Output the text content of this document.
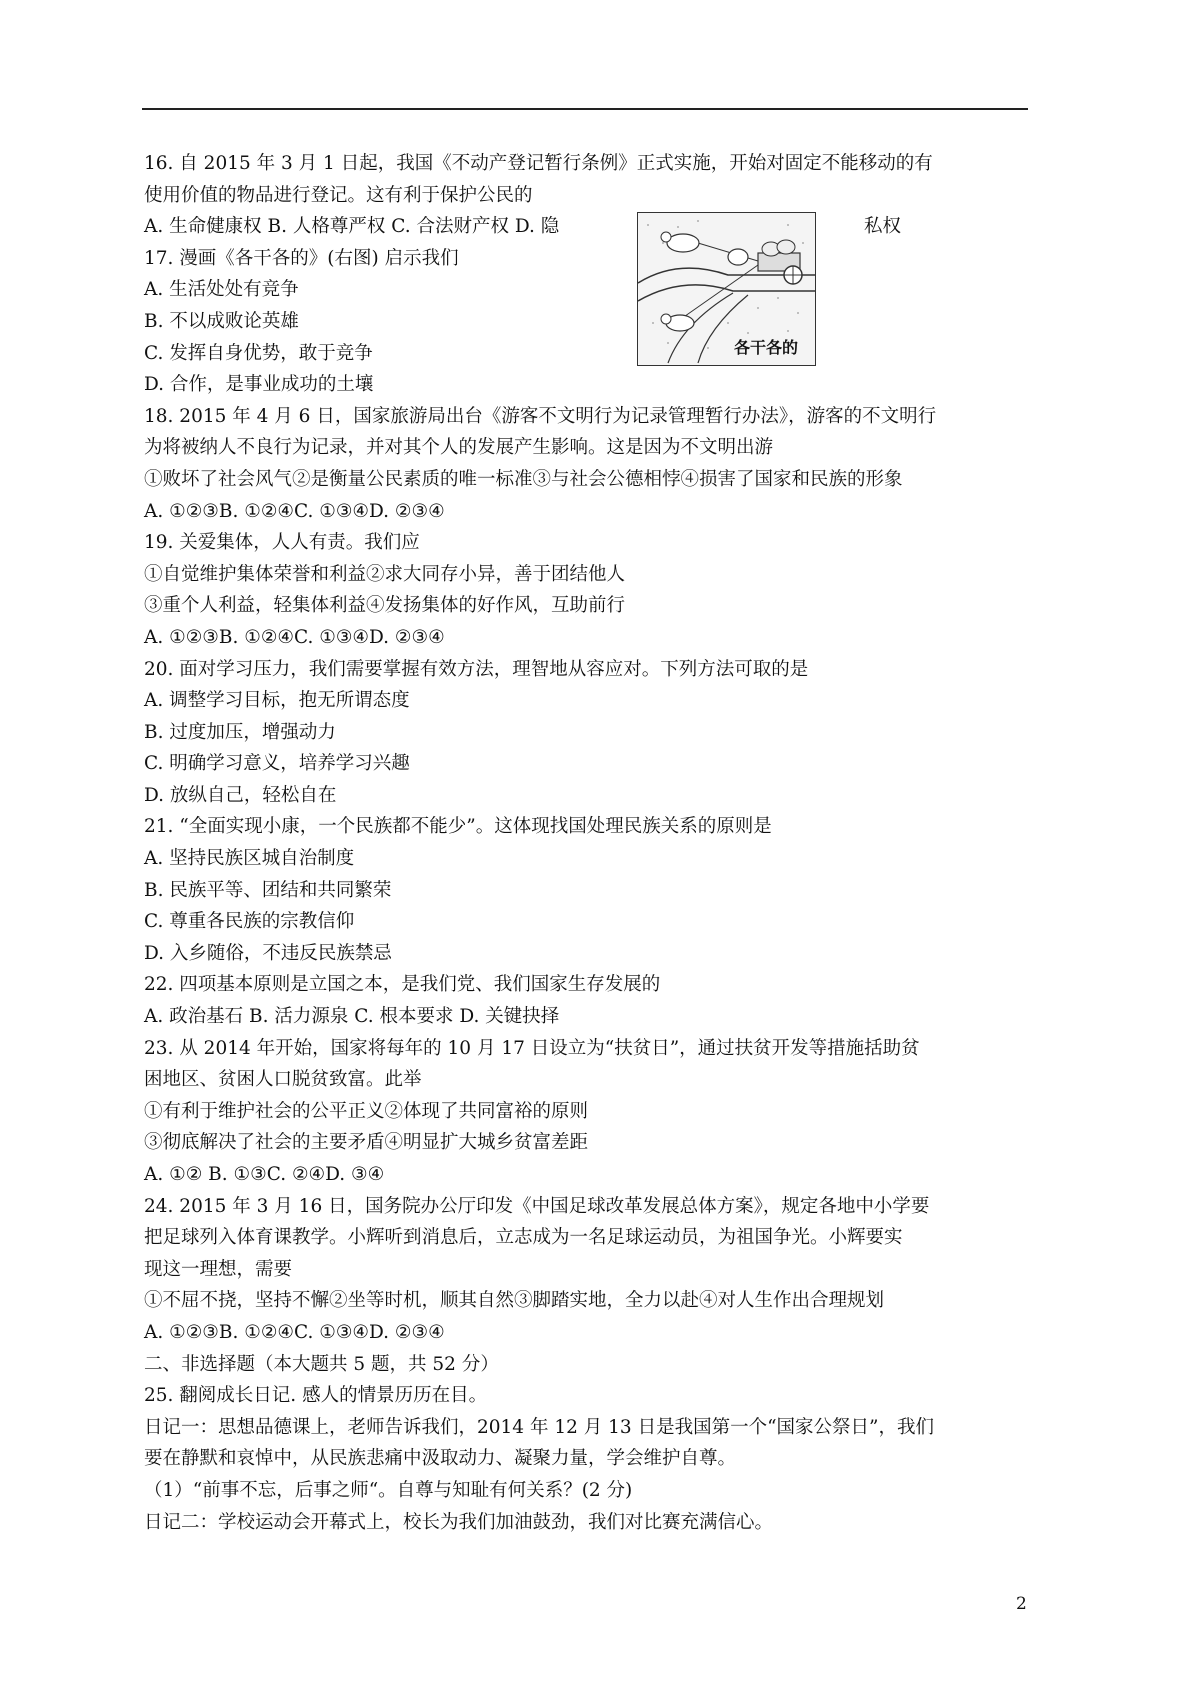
16. 自 2015 年 3 月 1 日起，我国《不动产登记暂行条例》正式实施，开始对固定不能移动的有
使用价值的物品进行登记。这有利于保护公民的
A. 生命健康权 B. 人格尊严权 C. 合法财产权 D. 隐	私权
17. 漫画《各干各的》(右图) 启示我们
A. 生活处处有竞争
B. 不以成败论英雄
C. 发挥自身优势，敢于竞争
D. 合作，是事业成功的土壤
18. 2015 年 4 月 6 日，国家旅游局出台《游客不文明行为记录管理暂行办法》，游客的不文明行
为将被纳人不良行为记录，并对其个人的发展产生影响。这是因为不文明出游
①败坏了社会风气②是衡量公民素质的唯一标准③与社会公德相悖④损害了国家和民族的形象
A. ①②③B. ①②④C. ①③④D. ②③④
19. 关爱集体，人人有责。我们应
①自觉维护集体荣誉和利益②求大同存小异，善于团结他人
③重个人利益，轻集体利益④发扬集体的好作风，互助前行
A. ①②③B. ①②④C. ①③④D. ②③④
20. 面对学习压力，我们需要掌握有效方法，理智地从容应对。下列方法可取的是
A. 调整学习目标，抱无所谓态度
B. 过度加压，增强动力
C. 明确学习意义，培养学习兴趣
D. 放纵自己，轻松自在
21. “全面实现小康，一个民族都不能少”。这体现找国处理民族关系的原则是
A. 坚持民族区城自治制度
B. 民族平等、团结和共同繁荣
C. 尊重各民族的宗教信仰
D. 入乡随俗，不违反民族禁忌
22. 四项基本原则是立国之本，是我们党、我们国家生存发展的
A. 政治基石 B. 活力源泉 C. 根本要求 D. 关键抉择
23. 从 2014 年开始，国家将每年的 10 月 17 日设立为“扶贫日”，通过扶贫开发等措施括助贫
困地区、贫困人口脱贫致富。此举
①有利于维护社会的公平正义②体现了共同富裕的原则
③彻底解决了社会的主要矛盾④明显扩大城乡贫富差距
A. ①② B. ①③C. ②④D. ③④
24. 2015 年 3 月 16 日，国务院办公厅印发《中国足球改革发展总体方案》，规定各地中小学要
把足球列入体育课教学。小辉听到消息后，立志成为一名足球运动员，为祖国争光。小辉要实
现这一理想，需要
①不屈不挠，坚持不懈②坐等时机，顺其自然③脚踏实地，全力以赴④对人生作出合理规划
A. ①②③B. ①②④C. ①③④D. ②③④
二、非选择题（本大题共 5 题，共 52 分）
25. 翻阅成长日记. 感人的情景历历在目。
日记一：思想品德课上，老师告诉我们，2014 年 12 月 13 日是我国第一个“国家公祭日”，我们
要在静默和哀悼中，从民族悲痛中汲取动力、凝聚力量，学会维护自尊。
（1）“前事不忘，后事之师“。自尊与知耻有何关系？(2 分)
日记二：学校运动会开幕式上，校长为我们加油鼓劲，我们对比赛充满信心。
各干各的
2
